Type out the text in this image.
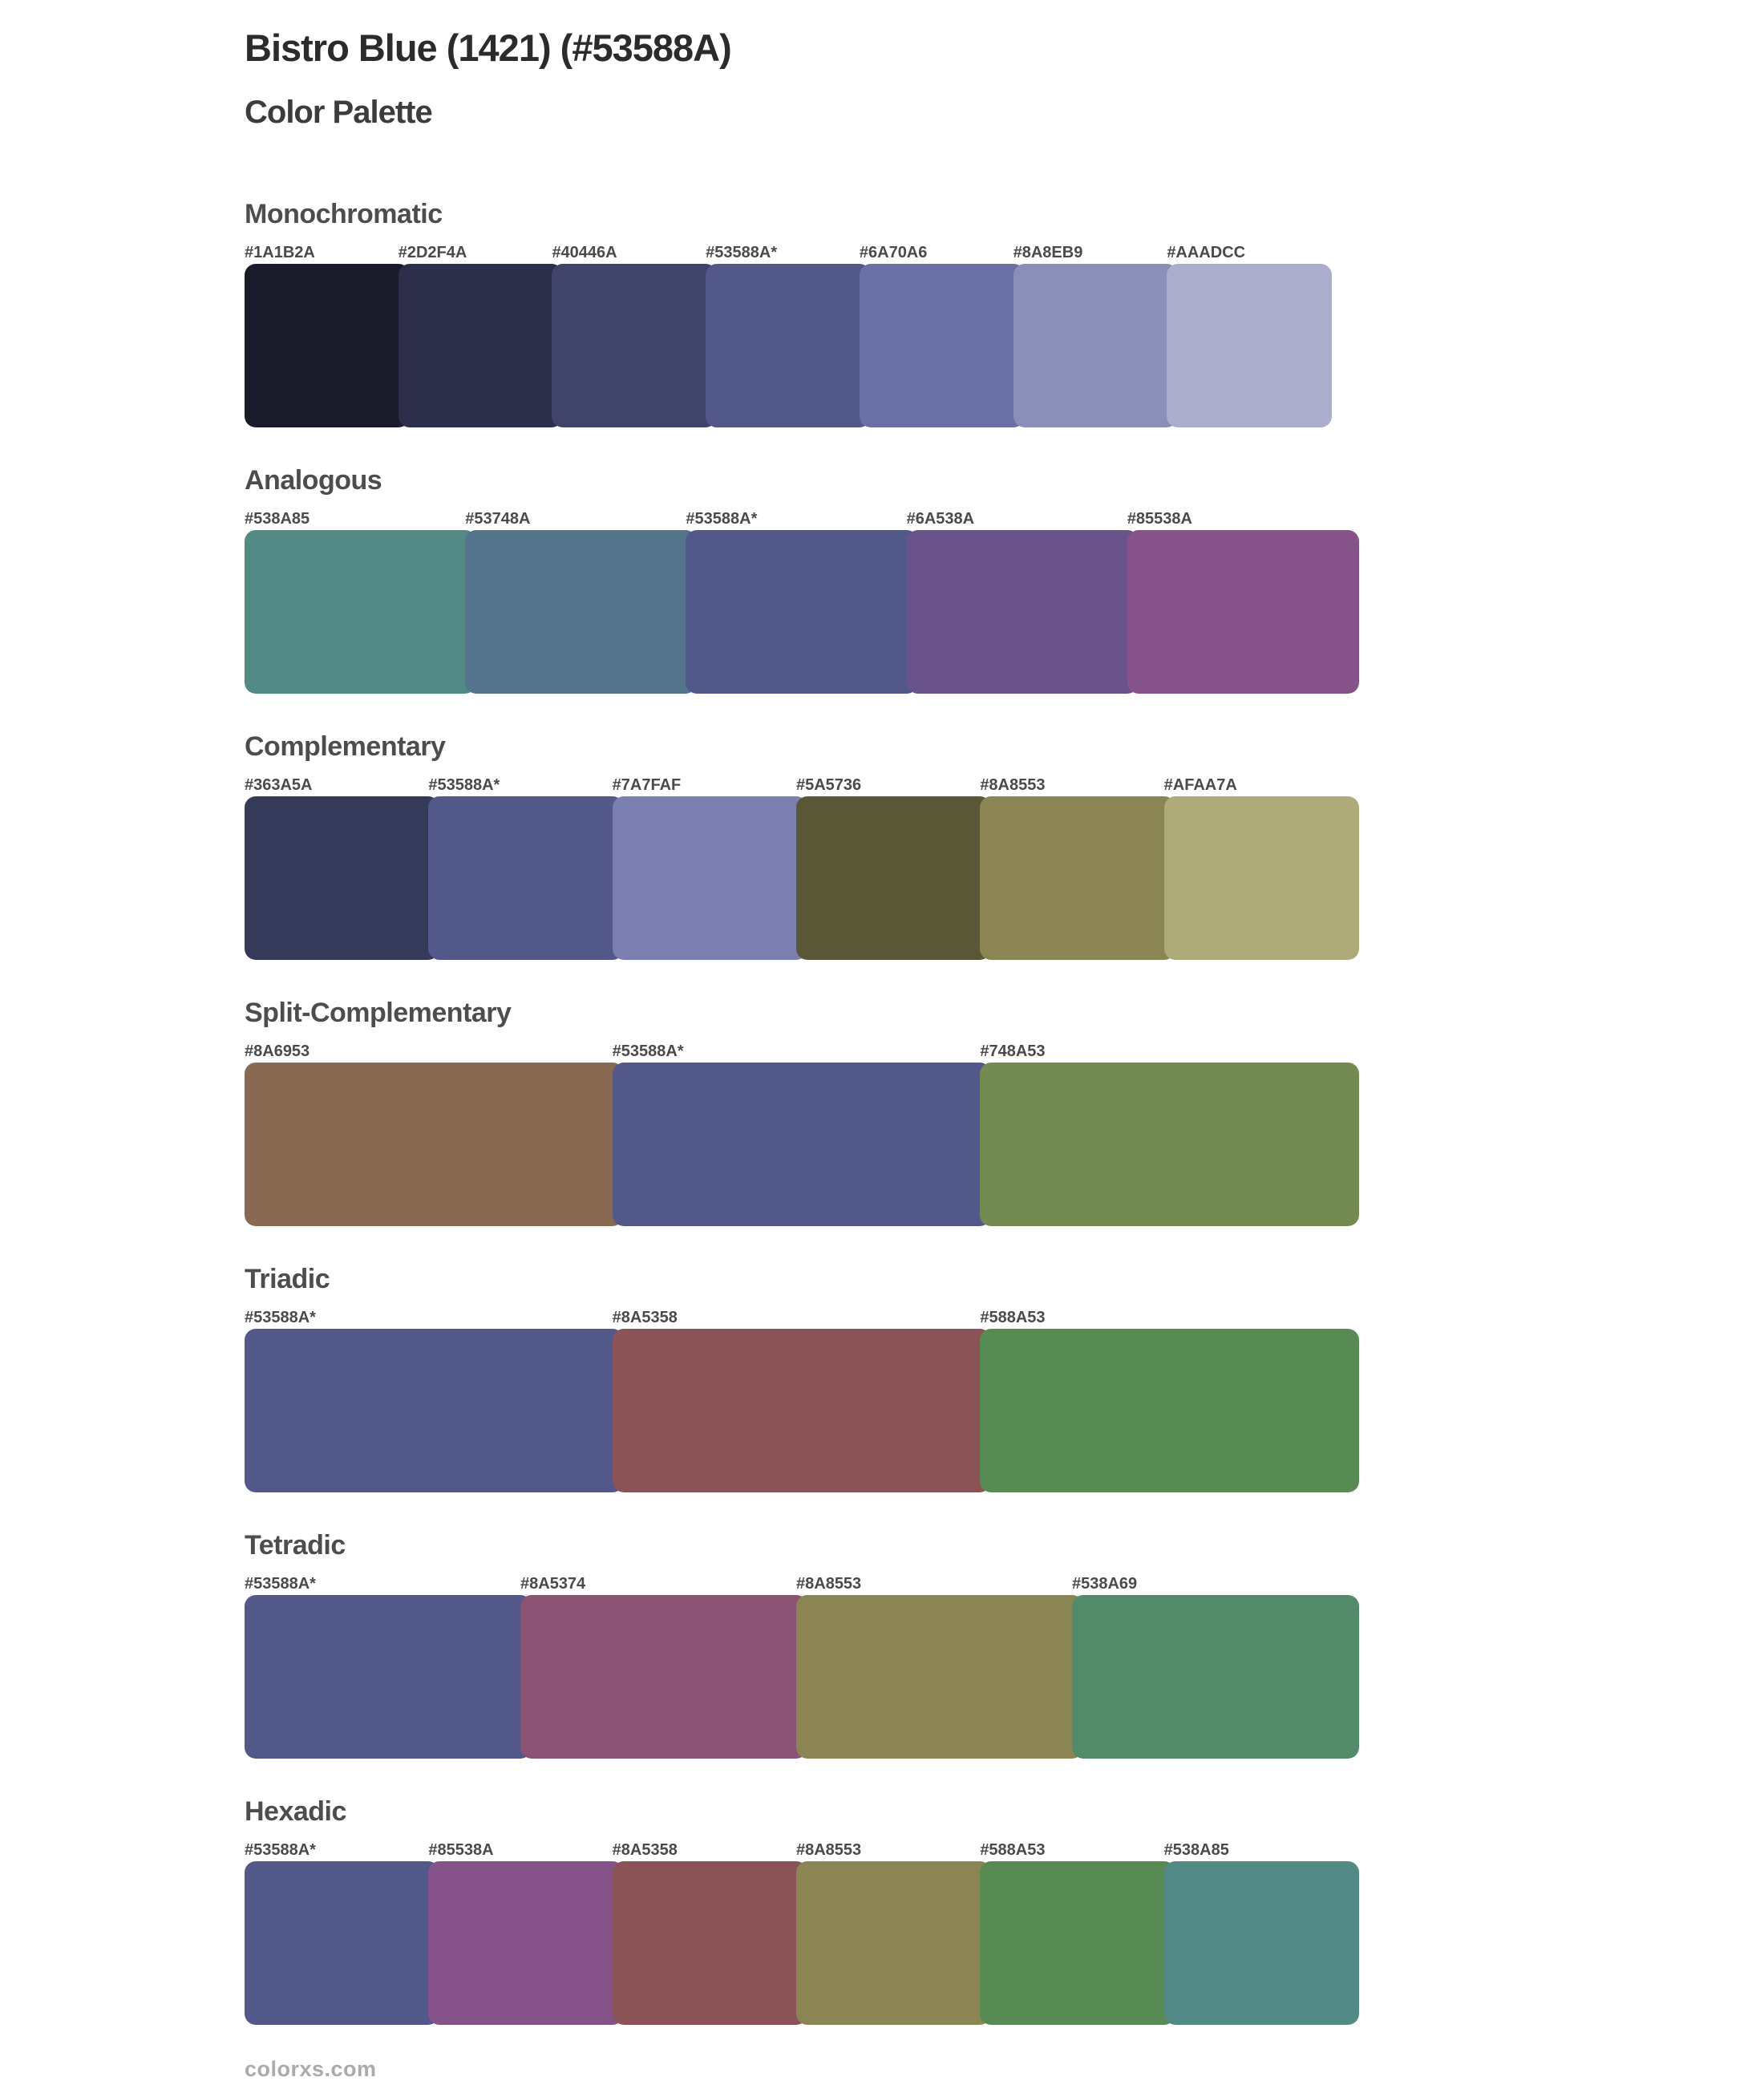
Bistro Blue (1421) (#53588A)
Color Palette
Monochromatic
#1A1B2A	#2D2F4A	#40446A	#53588A*	#6A70A6	#8A8EB9	#AAADCC
Analogous
#538A85	#53748A	#53588A*	#6A538A	#85538A
Complementary
#363A5A	#53588A*	#7A7FAF	#5A5736	#8A8553	#AFAA7A
Split-Complementary
#8A6953	#53588A*	#748A53
Triadic
#53588A*	#8A5358	#588A53
Tetradic
#53588A*	#8A5374	#8A8553	#538A69
Hexadic
#53588A*	#85538A	#8A5358	#8A8553	#588A53	#538A85
colorxs.com
